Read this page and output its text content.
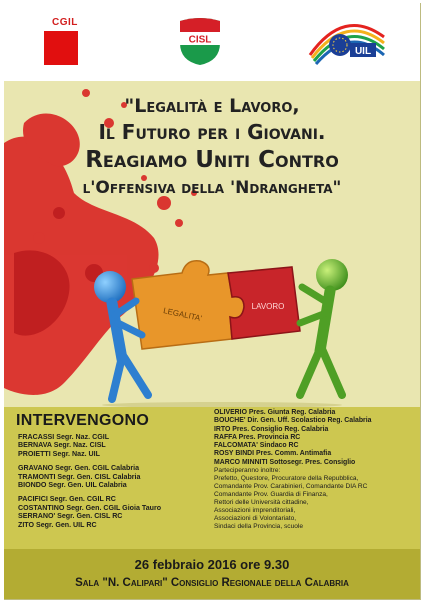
CGIL
CISL
UIL
"Legalità e Lavoro,
Il Futuro per i Giovani.
Reagiamo Uniti Contro
l'Offensiva della 'Ndrangheta"
LEGALITA'	LAVORO
INTERVENGONO
FRACASSI Segr. Naz. CGIL
BERNAVA Segr. Naz. CISL
PROIETTI Segr. Naz. UIL
GRAVANO Segr. Gen. CGIL Calabria
TRAMONTI Segr. Gen. CISL Calabria
BIONDO Segr. Gen. UIL Calabria
PACIFICI Segr. Gen. CGIL RC
COSTANTINO Segr. Gen. CGIL Gioia Tauro
SERRANO' Segr. Gen. CISL RC
ZITO Segr. Gen. UIL RC
OLIVERIO Pres. Giunta Reg. Calabria
BOUCHE' Dir. Gen. Uff. Scolastico Reg. Calabria
IRTO Pres. Consiglio Reg. Calabria
RAFFA Pres. Provincia RC
FALCOMATA' Sindaco RC
ROSY BINDI Pres. Comm. Antimafia
MARCO MINNITI Sottosegr. Pres. Consiglio
Parteciperanno inoltre:
Prefetto, Questore, Procuratore della Repubblica,
Comandante Prov. Carabinieri, Comandante DIA RC
Comandante Prov. Guardia di Finanza,
Rettori delle Università cittadine,
Associazioni imprenditoriali,
Associazioni di Volontariato,
Sindaci della Provincia, scuole
26 febbraio 2016 ore 9.30
Sala "N. Calipari" Consiglio Regionale della Calabria
